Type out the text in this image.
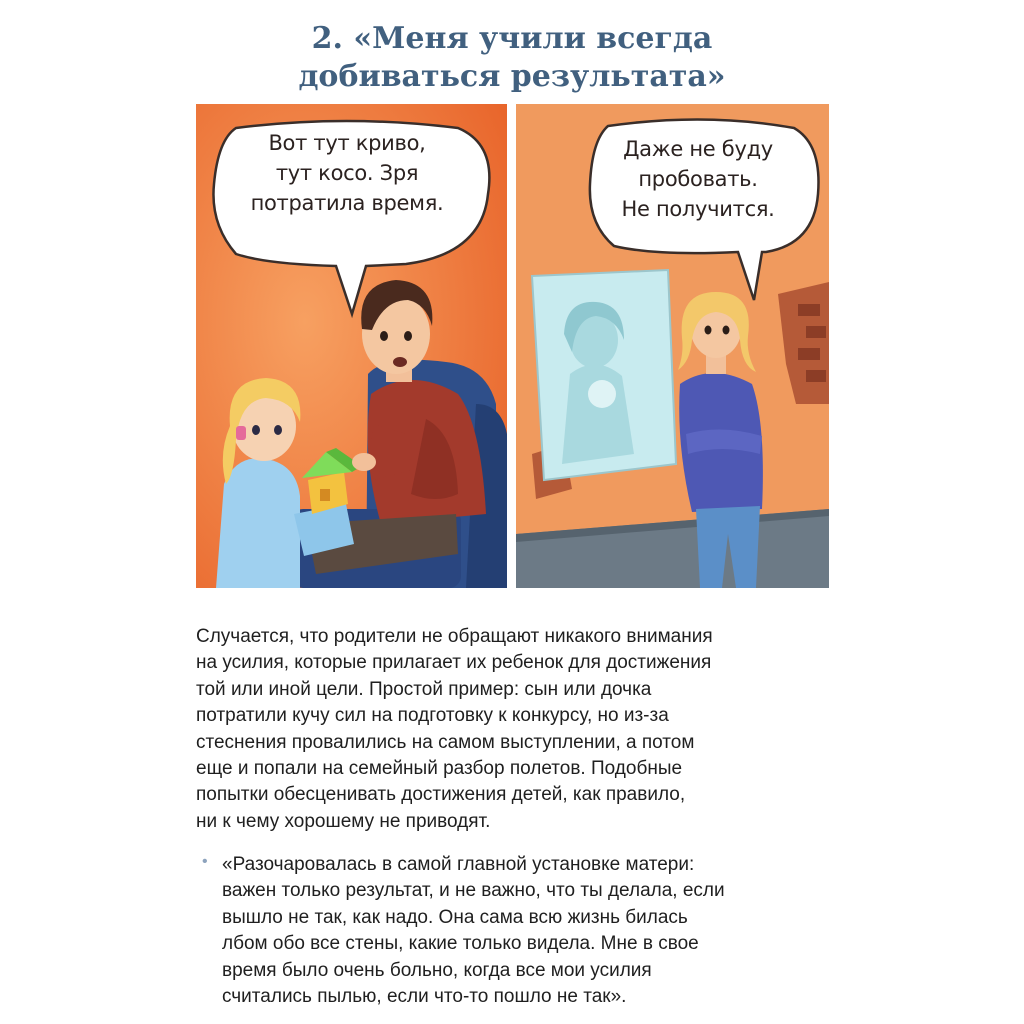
2. «Меня учили всегда
добиваться результата»
Вот тут криво,
тут косо. Зря
потратила время.
Даже не буду
пробовать.
Не получится.
Случается, что родители не обращают никакого внимания
на усилия, которые прилагает их ребенок для достижения
той или иной цели. Простой пример: сын или дочка
потратили кучу сил на подготовку к конкурсу, но из-за
стеснения провалились на самом выступлении, а потом
еще и попали на семейный разбор полетов. Подобные
попытки обесценивать достижения детей, как правило,
ни к чему хорошему не приводят.
• «Разочаровалась в самой главной установке матери:
важен только результат, и не важно, что ты делала, если
вышло не так, как надо. Она сама всю жизнь билась
лбом обо все стены, какие только видела. Мне в свое
время было очень больно, когда все мои усилия
считались пылью, если что-то пошло не так».
